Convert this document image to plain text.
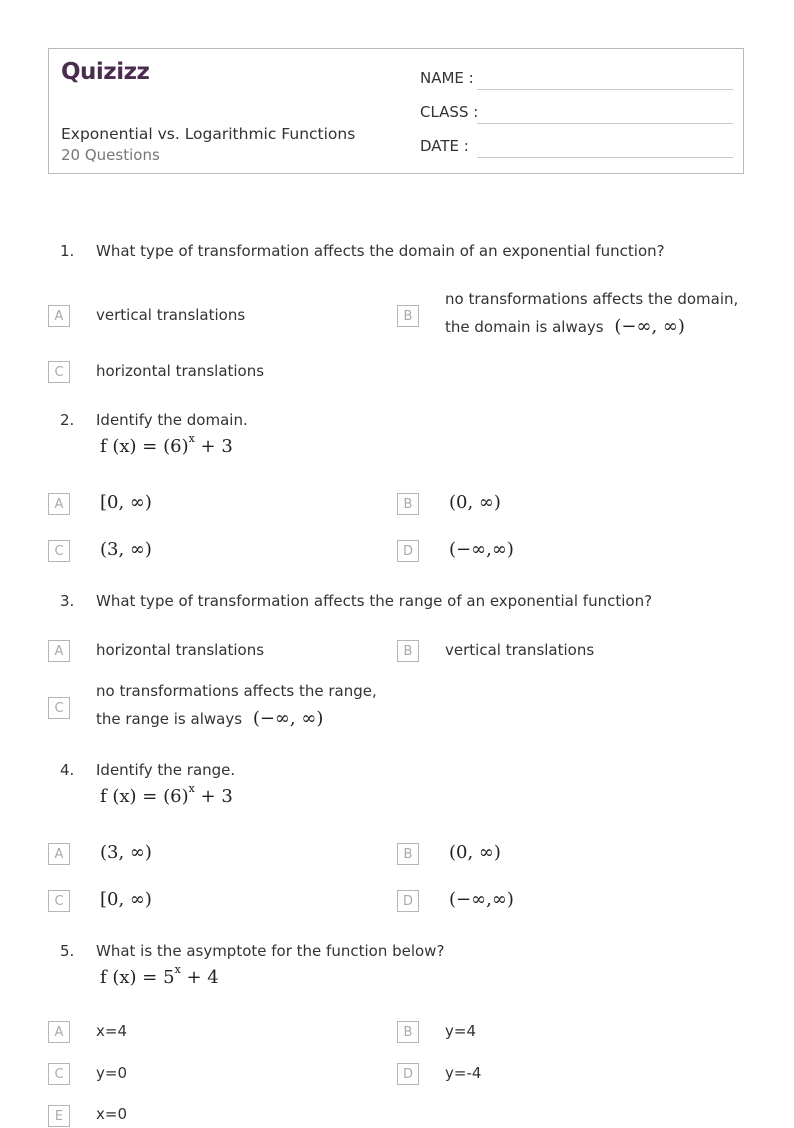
Quizizz
Exponential vs. Logarithmic Functions
20 Questions
NAME :
CLASS :
DATE :
1. What type of transformation affects the domain of an exponential function?
A	vertical translations	B
no transformations affects the domain,
the domain is always (−∞, ∞)
C	horizontal translations
2. Identify the domain.
f $(x) = (6)^x + 3$
A	[0, ∞)	B	(0, ∞)
C	(3, ∞)	D	(−∞,∞)
3. What type of transformation affects the range of an exponential function?
A	horizontal translations	B	vertical translations
C
no transformations affects the range,
the range is always (−∞, ∞)
4. Identify the range.
f $(x) = (6)^x + 3$
A	(3, ∞)	B	(0, ∞)
C	[0, ∞)	D	(−∞,∞)
5. What is the asymptote for the function below?
f $(x) = 5^x + 4$
A	x=4	B	y=4
C	y=0	D	y=-4
E	x=0
